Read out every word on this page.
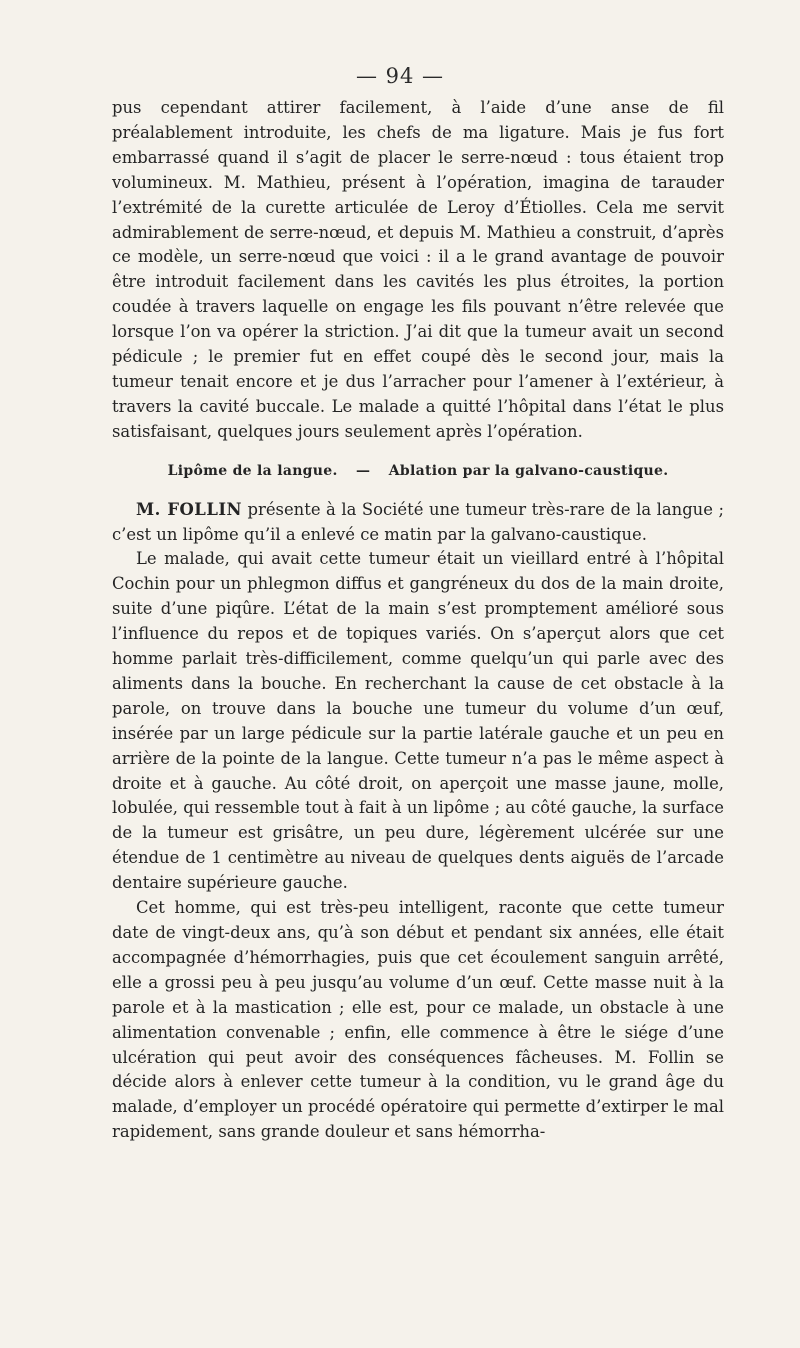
— 94 —

pus cependant attirer facilement, à l’aide d’une anse de fil préalablement introduite, les chefs de ma ligature. Mais je fus fort embarrassé quand il s’agit de placer le serre-nœud : tous étaient trop volumineux. M. Mathieu, présent à l’opération, imagina de tarauder l’extrémité de la curette articulée de Leroy d’Étiolles. Cela me servit admirablement de serre-nœud, et depuis M. Mathieu a construit, d’après ce modèle, un serre-nœud que voici : il a le grand avantage de pouvoir être introduit facilement dans les cavités les plus étroites, la portion coudée à travers laquelle on engage les fils pouvant n’être relevée que lorsque l’on va opérer la striction. J’ai dit que la tumeur avait un second pédicule ; le premier fut en effet coupé dès le second jour, mais la tumeur tenait encore et je dus l’arracher pour l’amener à l’extérieur, à travers la cavité buccale. Le malade a quitté l’hôpital dans l’état le plus satisfaisant, quelques jours seulement après l’opération.

Lipôme de la langue. — Ablation par la galvano-caustique.

M. FOLLIN présente à la Société une tumeur très-rare de la langue ; c’est un lipôme qu’il a enlevé ce matin par la galvano-caustique.

Le malade, qui avait cette tumeur était un vieillard entré à l’hôpital Cochin pour un phlegmon diffus et gangréneux du dos de la main droite, suite d’une piqûre. L’état de la main s’est promptement amélioré sous l’influence du repos et de topiques variés. On s’aperçut alors que cet homme parlait très-difficilement, comme quelqu’un qui parle avec des aliments dans la bouche. En recherchant la cause de cet obstacle à la parole, on trouve dans la bouche une tumeur du volume d’un œuf, insérée par un large pédicule sur la partie latérale gauche et un peu en arrière de la pointe de la langue. Cette tumeur n’a pas le même aspect à droite et à gauche. Au côté droit, on aperçoit une masse jaune, molle, lobulée, qui ressemble tout à fait à un lipôme ; au côté gauche, la surface de la tumeur est grisâtre, un peu dure, légèrement ulcérée sur une étendue de 1 centimètre au niveau de quelques dents aiguës de l’arcade dentaire supérieure gauche.

Cet homme, qui est très-peu intelligent, raconte que cette tumeur date de vingt-deux ans, qu’à son début et pendant six années, elle était accompagnée d’hémorrhagies, puis que cet écoulement sanguin arrêté, elle a grossi peu à peu jusqu’au volume d’un œuf. Cette masse nuit à la parole et à la mastication ; elle est, pour ce malade, un obstacle à une alimentation convenable ; enfin, elle commence à être le siége d’une ulcération qui peut avoir des conséquences fâcheuses. M. Follin se décide alors à enlever cette tumeur à la condition, vu le grand âge du malade, d’employer un procédé opératoire qui permette d’extirper le mal rapidement, sans grande douleur et sans hémorrha-
